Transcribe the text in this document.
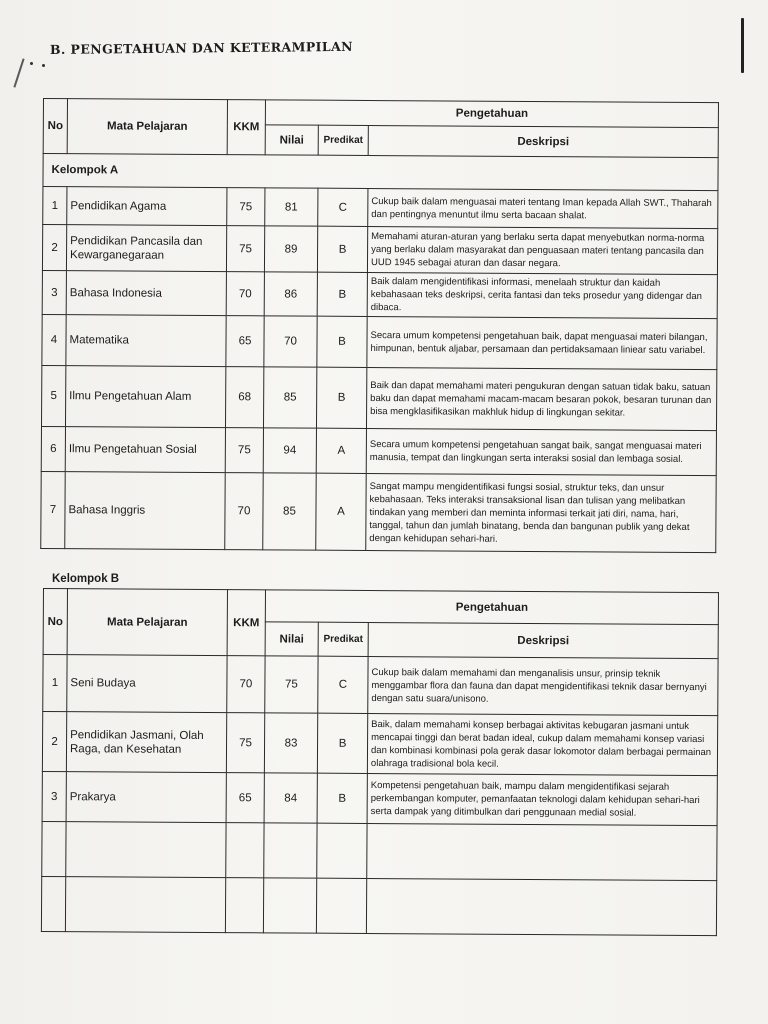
B. PENGETAHUAN DAN KETERAMPILAN
No	Mata Pelajaran	KKM	Pengetahuan		
			Nilai	Predikat	Deskripsi
Kelompok A					
1	Pendidikan Agama	75	81	C	Cukup baik dalam menguasai materi tentang Iman kepada Allah SWT., Thaharah dan pentingnya menuntut ilmu serta bacaan shalat.
2	Pendidikan Pancasila dan Kewarganegaraan	75	89	B	Memahami aturan-aturan yang berlaku serta dapat menyebutkan norma-norma yang berlaku dalam masyarakat dan penguasaan materi tentang pancasila dan UUD 1945 sebagai aturan dan dasar negara.
3	Bahasa Indonesia	70	86	B	Baik dalam mengidentifikasi informasi, menelaah struktur dan kaidah kebahasaan teks deskripsi, cerita fantasi dan teks prosedur yang didengar dan dibaca.
4	Matematika	65	70	B	Secara umum kompetensi pengetahuan baik, dapat menguasai materi bilangan, himpunan, bentuk aljabar, persamaan dan pertidaksamaan liniear satu variabel.
5	Ilmu Pengetahuan Alam	68	85	B	Baik dan dapat memahami materi pengukuran dengan satuan tidak baku, satuan baku dan dapat memahami macam-macam besaran pokok, besaran turunan dan bisa mengklasifikasikan makhluk hidup di lingkungan sekitar.
6	Ilmu Pengetahuan Sosial	75	94	A	Secara umum kompetensi pengetahuan sangat baik, sangat menguasai materi manusia, tempat dan lingkungan serta interaksi sosial dan lembaga sosial.
7	Bahasa Inggris	70	85	A	Sangat mampu mengidentifikasi fungsi sosial, struktur teks, dan unsur kebahasaan. Teks interaksi transaksional lisan dan tulisan yang melibatkan tindakan yang memberi dan meminta informasi terkait jati diri, nama, hari, tanggal, tahun dan jumlah binatang, benda dan bangunan publik yang dekat dengan kehidupan sehari-hari.
Kelompok B
No	Mata Pelajaran	KKM	Pengetahuan		
			Nilai	Predikat	Deskripsi
1	Seni Budaya	70	75	C	Cukup baik dalam memahami dan menganalisis unsur, prinsip teknik menggambar flora dan fauna dan dapat mengidentifikasi teknik dasar bernyanyi dengan satu suara/unisono.
2	Pendidikan Jasmani, Olah Raga, dan Kesehatan	75	83	B	Baik, dalam memahami konsep berbagai aktivitas kebugaran jasmani untuk mencapai tinggi dan berat badan ideal, cukup dalam memahami konsep variasi dan kombinasi kombinasi pola gerak dasar lokomotor dalam berbagai permainan olahraga tradisional bola kecil.
3	Prakarya	65	84	B	Kompetensi pengetahuan baik, mampu dalam mengidentifikasi sejarah perkembangan komputer, pemanfaatan teknologi dalam kehidupan sehari-hari serta dampak yang ditimbulkan dari penggunaan medial sosial.
